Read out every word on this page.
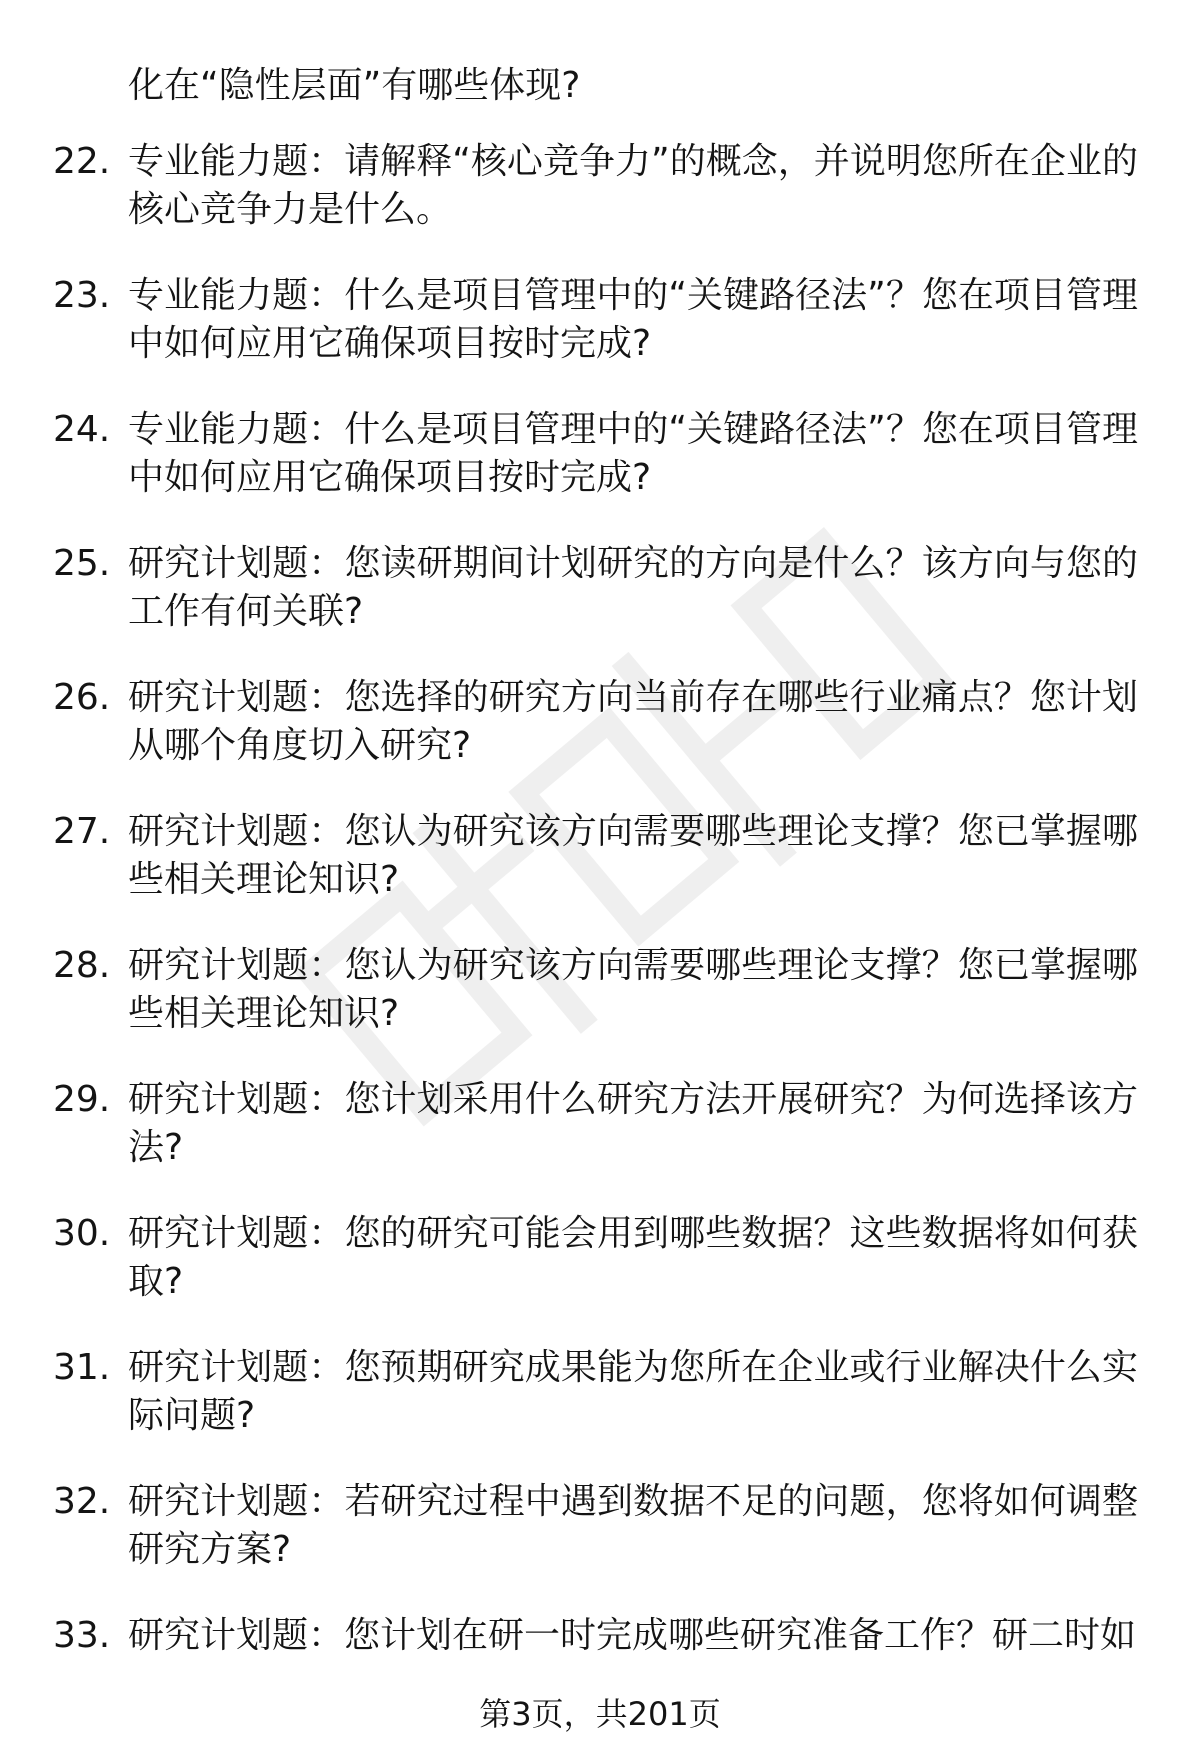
化在“隐性层面”有哪些体现?
22. 专业能力题：请解释“核心竞争力”的概念，并说明您所在企业的核心竞争力是什么。
23. 专业能力题：什么是项目管理中的“关键路径法”？您在项目管理中如何应用它确保项目按时完成?
24. 专业能力题：什么是项目管理中的“关键路径法”？您在项目管理中如何应用它确保项目按时完成?
25. 研究计划题：您读研期间计划研究的方向是什么？该方向与您的工作有何关联?
26. 研究计划题：您选择的研究方向当前存在哪些行业痛点？您计划从哪个角度切入研究?
27. 研究计划题：您认为研究该方向需要哪些理论支撑？您已掌握哪些相关理论知识?
28. 研究计划题：您认为研究该方向需要哪些理论支撑？您已掌握哪些相关理论知识?
29. 研究计划题：您计划采用什么研究方法开展研究？为何选择该方法?
30. 研究计划题：您的研究可能会用到哪些数据？这些数据将如何获取?
31. 研究计划题：您预期研究成果能为您所在企业或行业解决什么实际问题?
32. 研究计划题：若研究过程中遇到数据不足的问题，您将如何调整研究方案?
33. 研究计划题：您计划在研一时完成哪些研究准备工作？研二时如
第3页，共201页
